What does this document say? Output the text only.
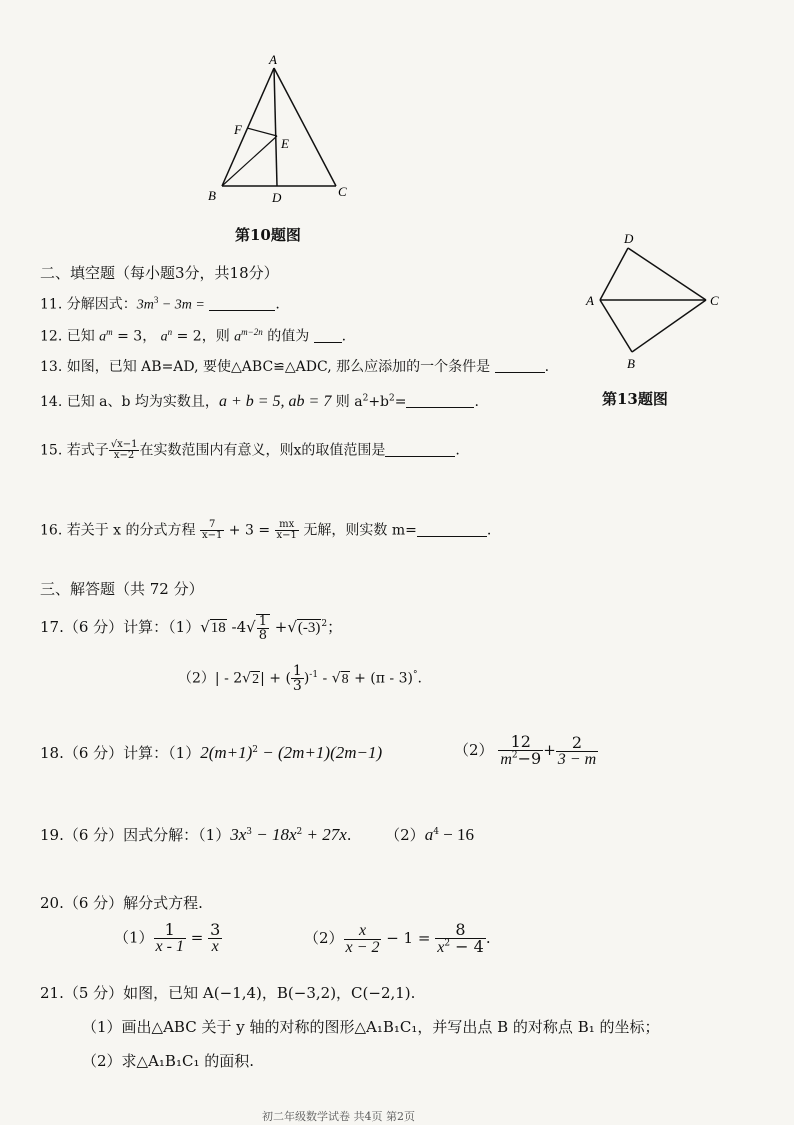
A
F
E
B	D	C
第10题图	D
A	C
B
第13题图
二、填空题（每小题3分，共18分）
11. 分解因式：$3m^3 - 3m$ =	.
12. 已知 $a^m = 3$， $a^n = 2$，则 $a^{m-2n}$ 的值为 .
13. 如图，已知 AB=AD, 要使△ABC≌△ADC, 那么应添加的一个条件是	.
14. 已知 a、b 均为实数且，a + b = 5, ab = 7 则 $a^2+b^2=$	.
15. 若式子 $\frac{√x-1}{x-2}$ 在实数范围内有意义，则x的取值范围是	.
16. 若关于 x 的分式方程 $\frac{7}{x-1} + 3 = \frac{mx}{x-1}$ 无解，则实数 m=	.
三、解答题（共 72 分）
17.（6 分）计算：（1）√18 $-4√ \frac{1}{8} +√(-3)^2$；
（2）| - 2√2| + ( $\frac{1}{3} )^{-1} - √8 + (\pi - 3)^\circ$.
18.（6 分）计算：$(1)2(m+1)^2 - (2m+1)(2m-1)$	$(2) \frac{12}{m^2-9} + \frac{2}{3 - m}$
19.（6 分）因式分解：$(1)3x^3 - 18x^2 + 27x$. $(2)a^4 - 16$
20.（6 分）解分式方程.
$(1) \frac{1}{x - 1} = \frac{3}{x}$	$(2) \frac{x}{x - 2} - 1 = \frac{8}{x^2 - 4}$ .
21.（5 分）如图，已知 A(−1,4)，B(−3,2)，C(−2,1).
（1）画出△ABC 关于 y 轴的对称的图形△A₁B₁C₁，并写出点 B 的对称点 B₁ 的坐标；
（2）求△A₁B₁C₁ 的面积.
初二年级数学试卷 共4页 第2页
